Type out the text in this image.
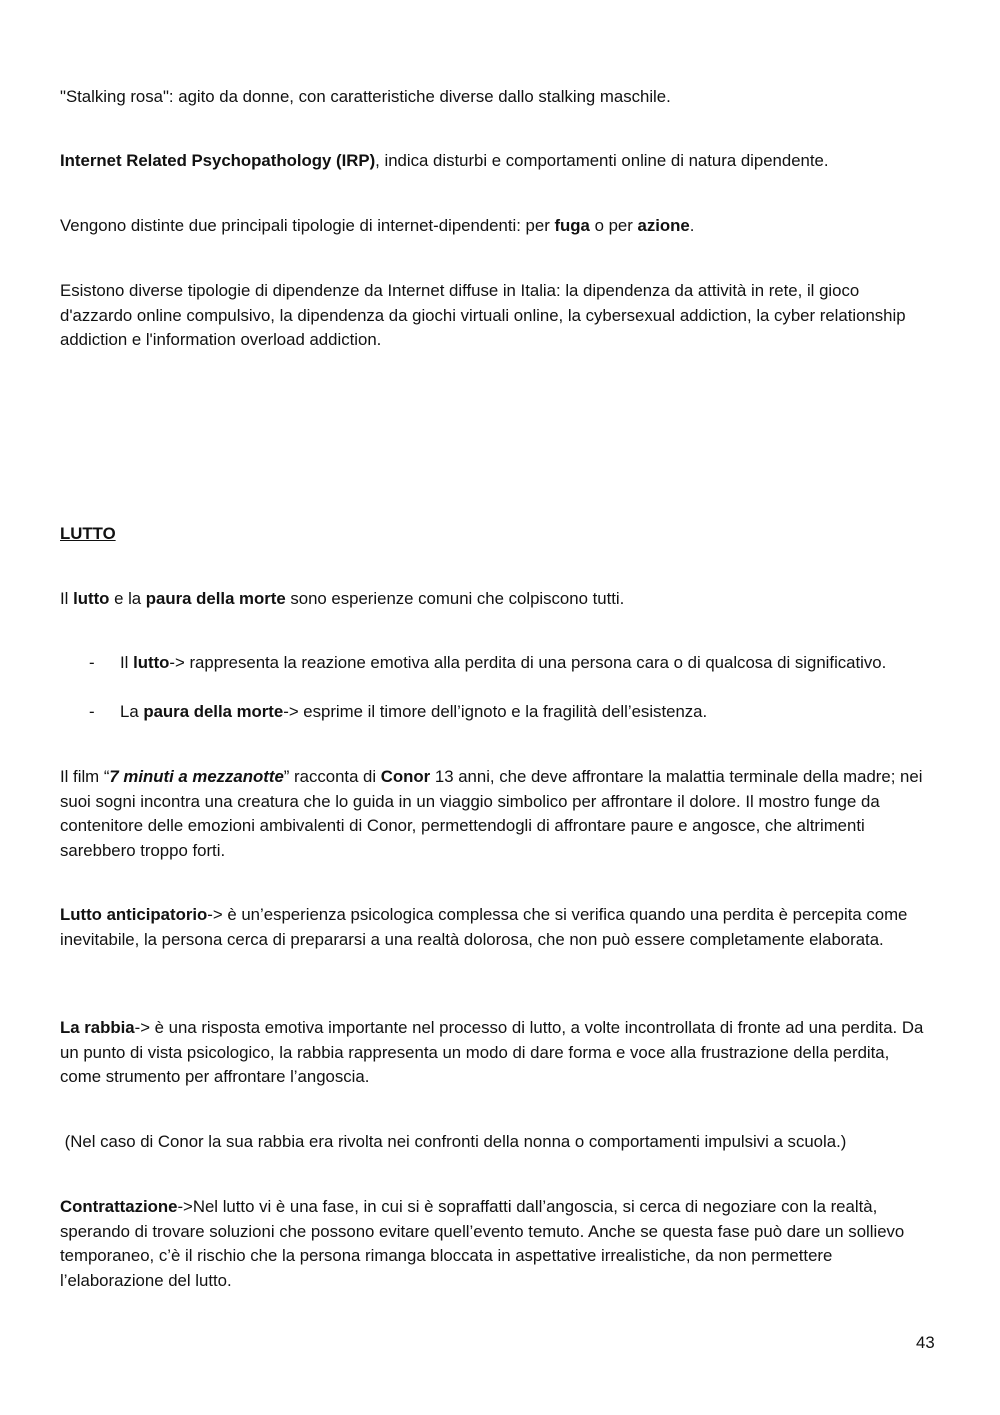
"Stalking rosa": agito da donne, con caratteristiche diverse dallo stalking maschile.

Internet Related Psychopathology (IRP), indica disturbi e comportamenti online di natura dipendente.

Vengono distinte due principali tipologie di internet-dipendenti: per fuga o per azione.

Esistono diverse tipologie di dipendenze da Internet diffuse in Italia: la dipendenza da attività in rete, il gioco d'azzardo online compulsivo, la dipendenza da giochi virtuali online, la cybersexual addiction, la cyber relationship addiction e l'information overload addiction.

LUTTO

Il lutto e la paura della morte sono esperienze comuni che colpiscono tutti.

- Il lutto-> rappresenta la reazione emotiva alla perdita di una persona cara o di qualcosa di significativo.

- La paura della morte-> esprime il timore dell’ignoto e la fragilità dell’esistenza.

Il film “7 minuti a mezzanotte” racconta di Conor 13 anni, che deve affrontare la malattia terminale della madre; nei suoi sogni incontra una creatura che lo guida in un viaggio simbolico per affrontare il dolore. Il mostro funge da contenitore delle emozioni ambivalenti di Conor, permettendogli di affrontare paure e angosce, che altrimenti sarebbero troppo forti.

Lutto anticipatorio-> è un’esperienza psicologica complessa che si verifica quando una perdita è percepita come inevitabile, la persona cerca di prepararsi a una realtà dolorosa, che non può essere completamente elaborata.

La rabbia-> è una risposta emotiva importante nel processo di lutto, a volte incontrollata di fronte ad una perdita. Da un punto di vista psicologico, la rabbia rappresenta un modo di dare forma e voce alla frustrazione della perdita, come strumento per affrontare l’angoscia.

(Nel caso di Conor la sua rabbia era rivolta nei confronti della nonna o comportamenti impulsivi a scuola.)

Contrattazione->Nel lutto vi è una fase, in cui si è sopraffatti dall’angoscia, si cerca di negoziare con la realtà, sperando di trovare soluzioni che possono evitare quell’evento temuto. Anche se questa fase può dare un sollievo temporaneo, c’è il rischio che la persona rimanga bloccata in aspettative irrealistiche, da non permettere l’elaborazione del lutto.

43
